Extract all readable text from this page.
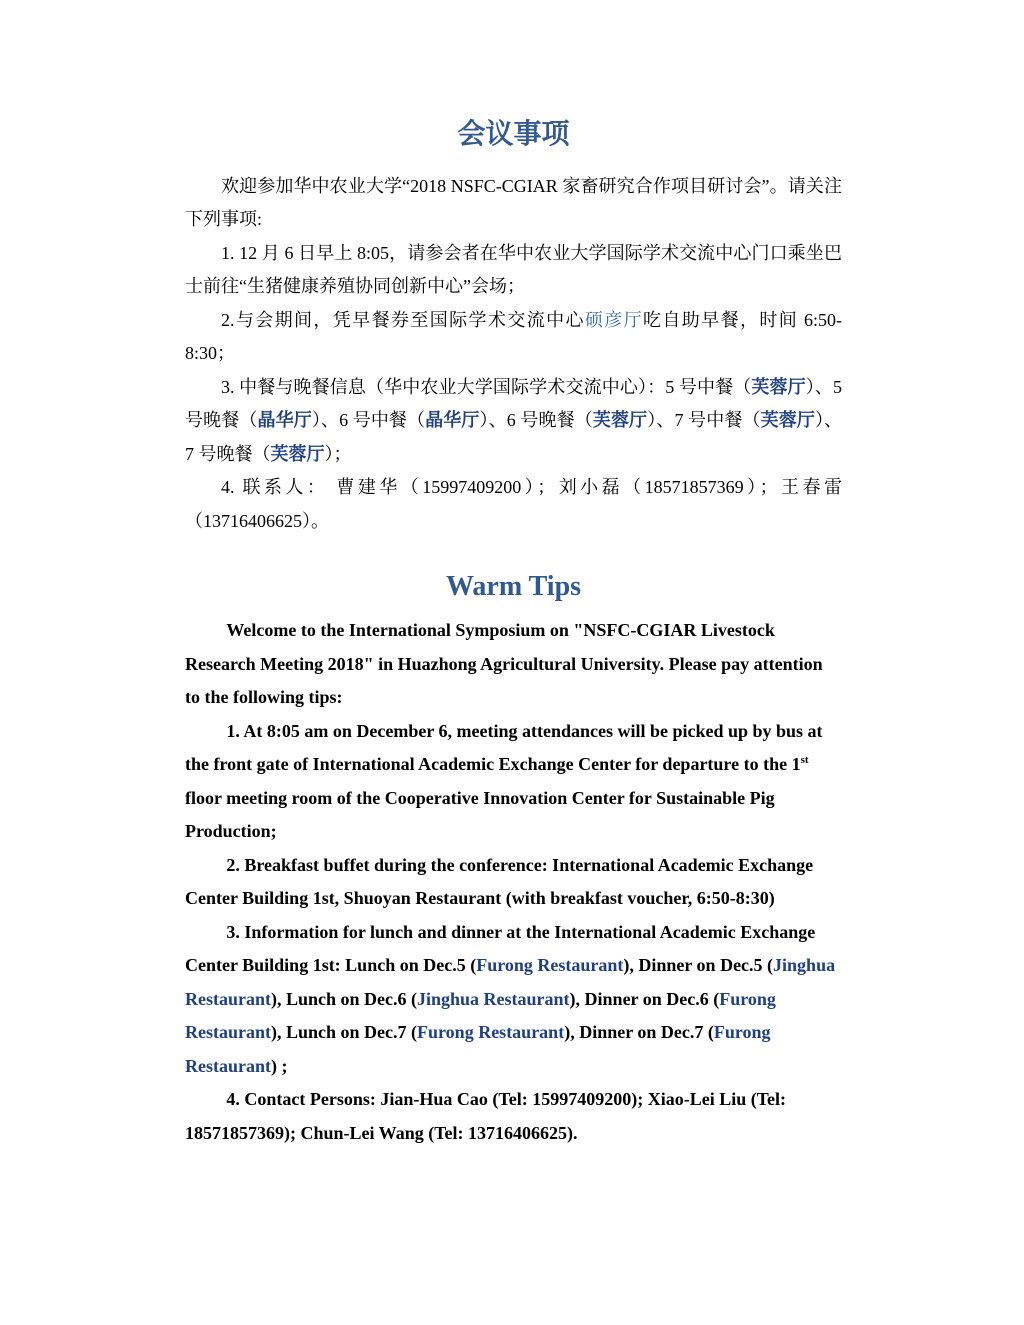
会议事项

欢迎参加华中农业大学“2018 NSFC-CGIAR 家畜研究合作项目研讨会”。请关注下列事项:

1. 12 月 6 日早上 8:05，请参会者在华中农业大学国际学术交流中心门口乘坐巴士前往“生猪健康养殖协同创新中心”会场；

2.与会期间，凭早餐券至国际学术交流中心硕彦厅吃自助早餐，时间 6:50-8:30；

3. 中餐与晚餐信息（华中农业大学国际学术交流中心）：5 号中餐（芙蓉厅）、5 号晚餐（晶华厅）、6 号中餐（晶华厅）、6 号晚餐（芙蓉厅）、7 号中餐（芙蓉厅）、7 号晚餐（芙蓉厅）；

4. 联系人： 曹建华（15997409200）；刘小磊（18571857369）；王春雷（13716406625）。

Warm Tips

Welcome to the International Symposium on "NSFC-CGIAR Livestock Research Meeting 2018" in Huazhong Agricultural University. Please pay attention to the following tips:

1. At 8:05 am on December 6, meeting attendances will be picked up by bus at the front gate of International Academic Exchange Center for departure to the 1st floor meeting room of the Cooperative Innovation Center for Sustainable Pig Production;

2. Breakfast buffet during the conference: International Academic Exchange Center Building 1st, Shuoyan Restaurant (with breakfast voucher, 6:50-8:30)

3. Information for lunch and dinner at the International Academic Exchange Center Building 1st: Lunch on Dec.5 (Furong Restaurant), Dinner on Dec.5 (Jinghua Restaurant), Lunch on Dec.6 (Jinghua Restaurant), Dinner on Dec.6 (Furong Restaurant), Lunch on Dec.7 (Furong Restaurant), Dinner on Dec.7 (Furong Restaurant) ;

4. Contact Persons: Jian-Hua Cao (Tel: 15997409200); Xiao-Lei Liu (Tel: 18571857369); Chun-Lei Wang (Tel: 13716406625).
